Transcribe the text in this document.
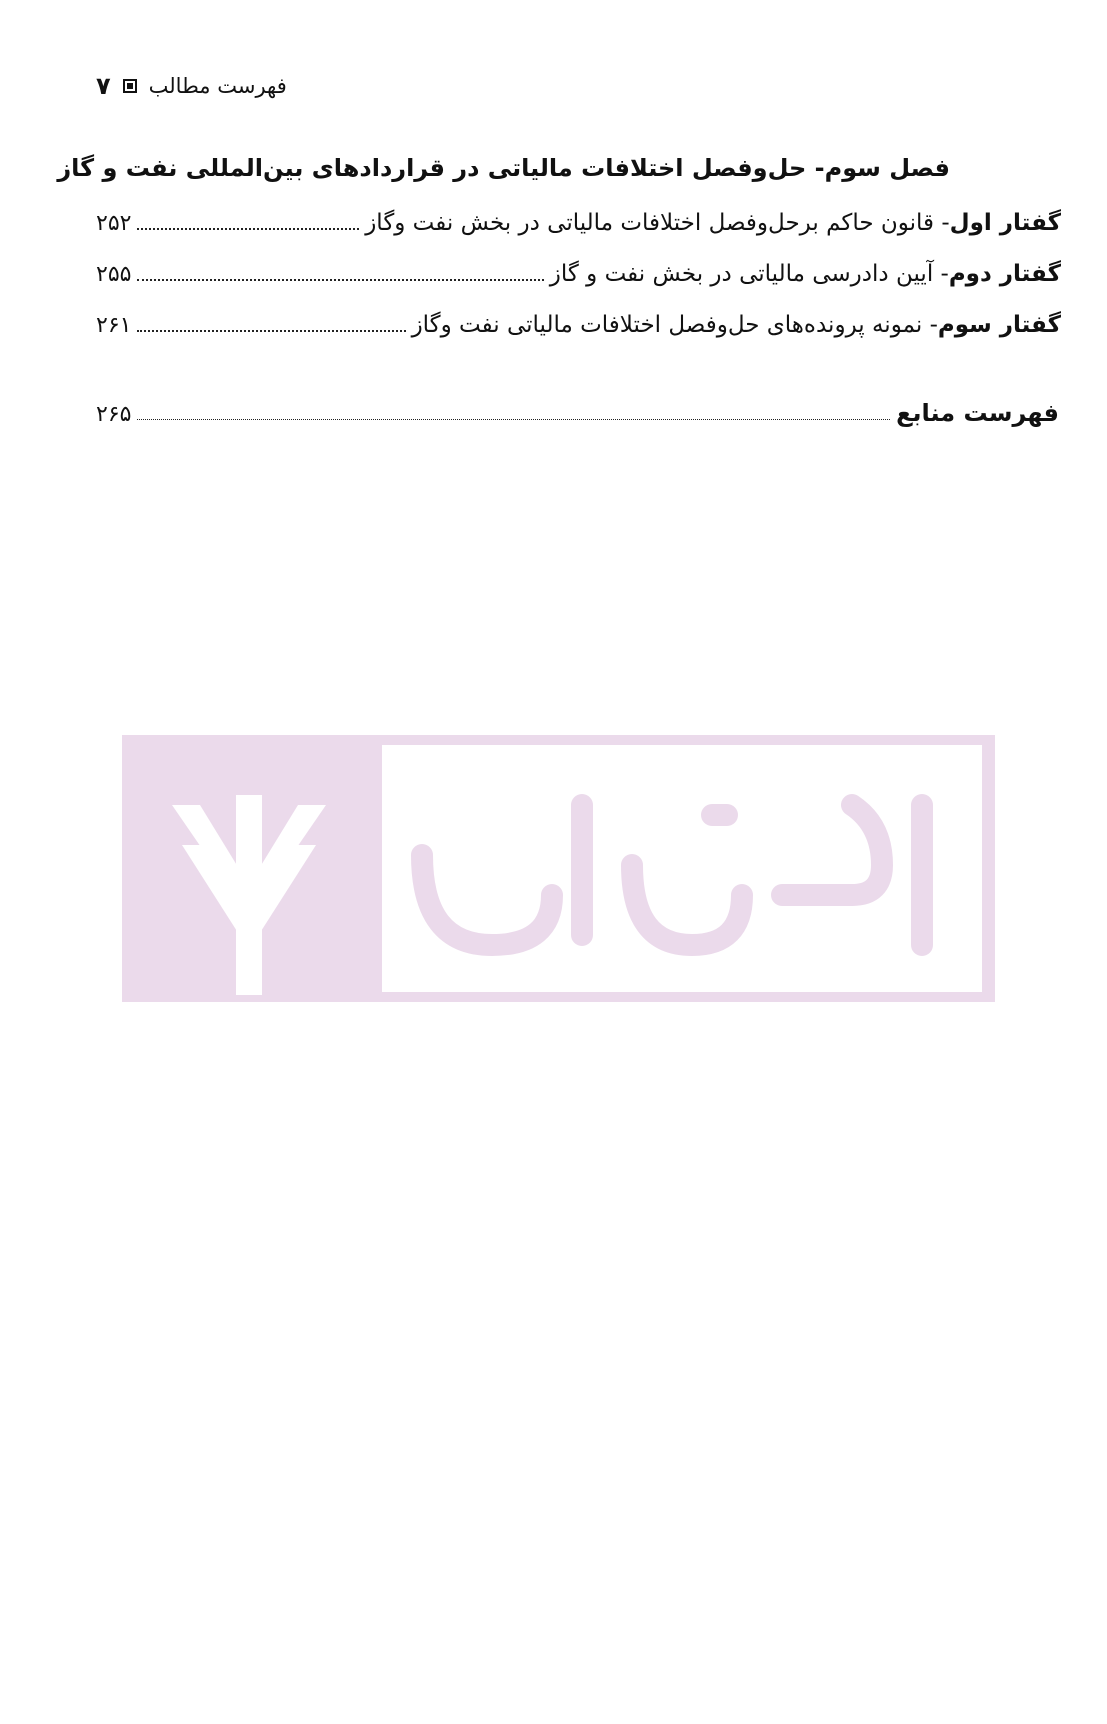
۷ فهرست مطالب
فصل سوم- حل‌وفصل اختلافات مالیاتی در قراردادهای بین‌المللی نفت و گاز
گفتار اول- قانون حاکم برحل‌وفصل اختلافات مالیاتی در بخش نفت و‌گاز
۲۵۲
گفتار دوم- آیین دادرسی مالیاتی در بخش نفت و گاز
۲۵۵
گفتار سوم- نمونه پرونده‌های حل‌وفصل اختلافات مالیاتی نفت و‌گاز
۲۶۱
فهرست منابع
۲۶۵
